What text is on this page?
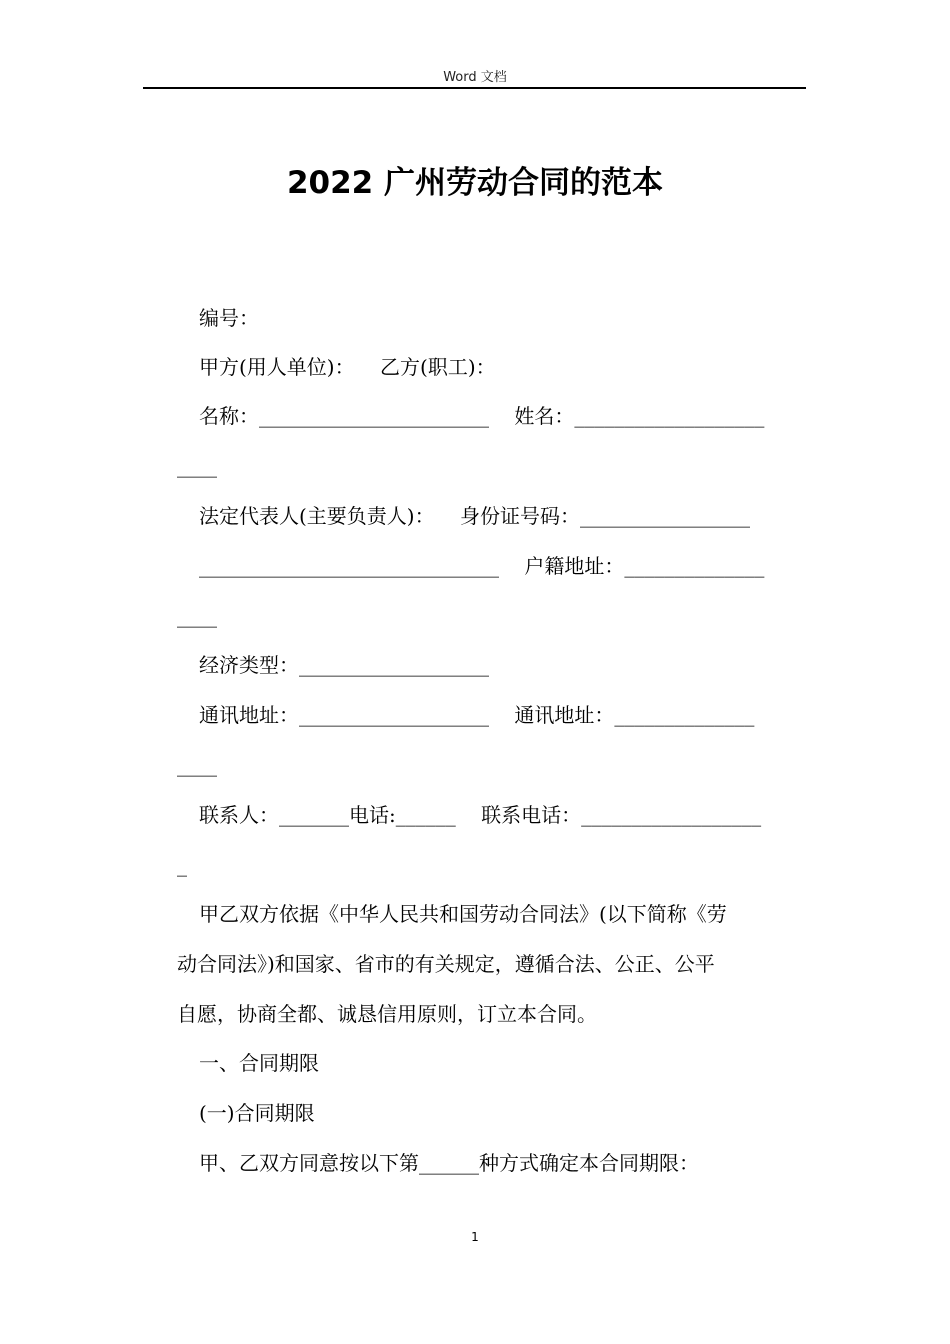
Word 文档
2022 广州劳动合同的范本
编号：
甲方(用人单位)：    乙方(职工)：
名称：_______________________    姓名：___________________
____
法定代表人(主要负责人)：    身份证号码：_________________
______________________________    户籍地址：______________
____
经济类型：___________________
通讯地址：___________________    通讯地址：______________
____
联系人：_______电话:______    联系电话：__________________
_
甲乙双方依据《中华人民共和国劳动合同法》(以下简称《劳
动合同法》)和国家、省市的有关规定，遵循合法、公正、公平
自愿，协商全都、诚恳信用原则，订立本合同。
一、合同期限
(一)合同期限
甲、乙双方同意按以下第______种方式确定本合同期限：
1
